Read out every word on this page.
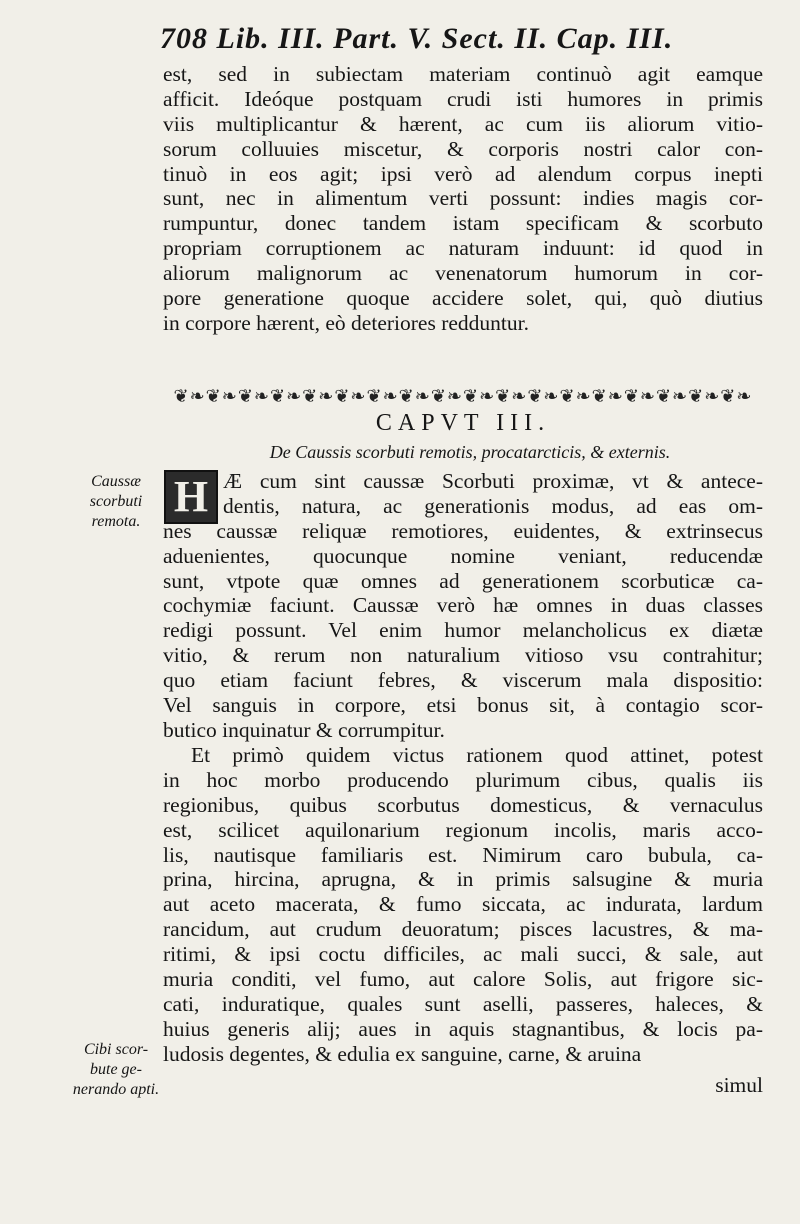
708 Lib. III. Part. V. Sect. II. Cap. III.
est, sed in subiectam materiam continuò agit eamque
afficit. Ideóque postquam crudi isti humores in primis
viis multiplicantur & hærent, ac cum iis aliorum vitio-
sorum colluuies miscetur, & corporis nostri calor con-
tinuò in eos agit; ipsi verò ad alendum corpus inepti
sunt, nec in alimentum verti possunt: indies magis cor-
rumpuntur, donec tandem istam specificam & scorbuto
propriam corruptionem ac naturam induunt: id quod in
aliorum malignorum ac venenatorum humorum in cor-
pore generatione quoque accidere solet, qui, quò diutius
in corpore hærent, eò deteriores redduntur.
❦❧❦❧❦❧❦❧❦❧❦❧❦❧❦❧❦❧❦❧❦❧❦❧❦❧❦❧❦❧❦❧❦❧❦❧
CAPVT III.
De Caussis scorbuti remotis, procatarcticis, & externis.
H
Caussæ scorbuti remota.
Cibi scor-bute ge-nerando apti.
Æ cum sint caussæ Scorbuti proximæ, vt & antece-
dentis, natura, ac generationis modus, ad eas om-
nes caussæ reliquæ remotiores, euidentes, & extrinsecus
aduenientes, quocunque nomine veniant, reducendæ
sunt, vtpote quæ omnes ad generationem scorbuticæ ca-
cochymiæ faciunt. Caussæ verò hæ omnes in duas classes
redigi possunt. Vel enim humor melancholicus ex diætæ
vitio, & rerum non naturalium vitioso vsu contrahitur;
quo etiam faciunt febres, & viscerum mala dispositio:
Vel sanguis in corpore, etsi bonus sit, à contagio scor-
butico inquinatur & corrumpitur.
Et primò quidem victus rationem quod attinet, potest
in hoc morbo producendo plurimum cibus, qualis iis
regionibus, quibus scorbutus domesticus, & vernaculus
est, scilicet aquilonarium regionum incolis, maris acco-
lis, nautisque familiaris est. Nimirum caro bubula, ca-
prina, hircina, aprugna, & in primis salsugine & muria
aut aceto macerata, & fumo siccata, ac indurata, lardum
rancidum, aut crudum deuoratum; pisces lacustres, & ma-
ritimi, & ipsi coctu difficiles, ac mali succi, & sale, aut
muria conditi, vel fumo, aut calore Solis, aut frigore sic-
cati, induratique, quales sunt aselli, passeres, haleces, &
huius generis alij; aues in aquis stagnantibus, & locis pa-
ludosis degentes, & edulia ex sanguine, carne, & aruina
simul
